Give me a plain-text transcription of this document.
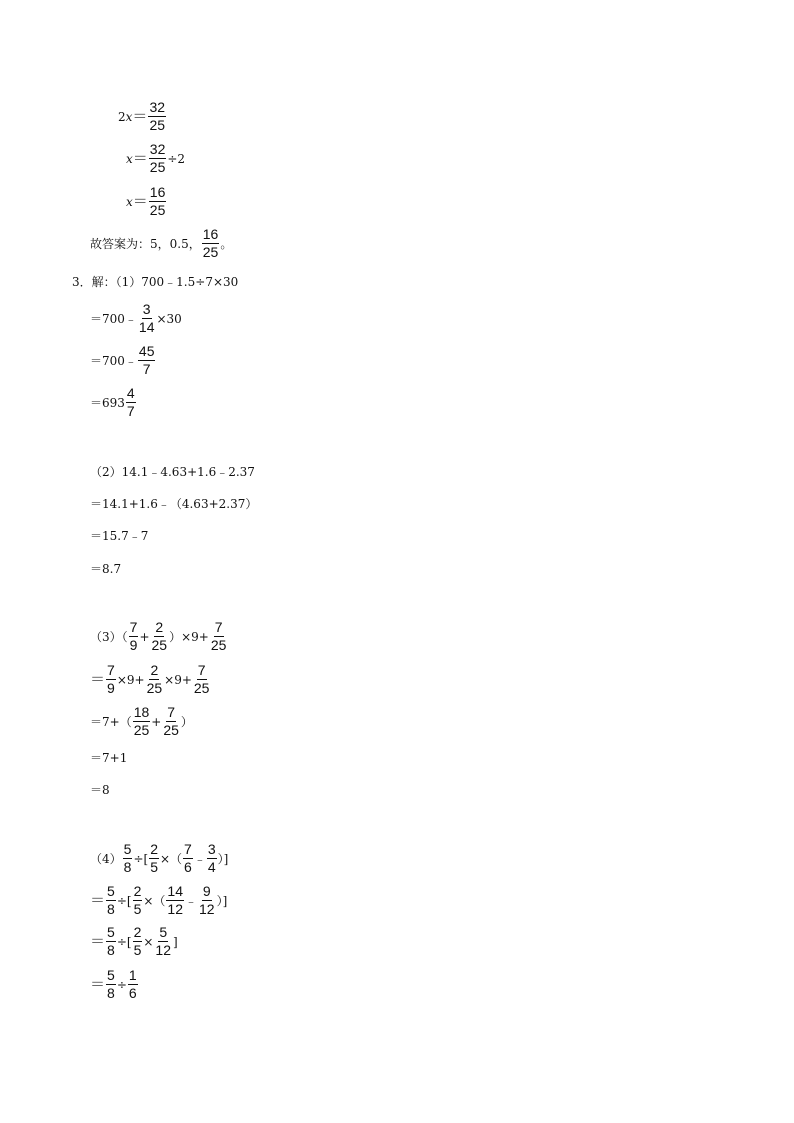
2 $x = \frac{32}{25}$
$x = \frac{32}{25} \div 2$
$x = \frac{16}{25}$
故答案为：5，0.5， $\frac{16}{25}$ 。
3．解：（1）700﹣1.5÷7×30
＝700﹣ $\frac{3}{14} \times 30$
＝700﹣ $\frac{45}{7}$
$=693 \frac{4}{7}$
（2）14.1﹣4.63+1.6﹣2.37
＝14.1+1.6﹣（4.63+2.37）
＝15.7﹣7
＝8.7
$(3)( \frac{7}{9} + \frac{2}{25} )\times 9+ \frac{7}{25}$
＝ $\frac{7}{9} \times 9+ \frac{2}{25} \times 9+ \frac{7}{25}$
$=7+( \frac{18}{25} + \frac{7}{25}$ ）
＝7+1
＝8
$(4) \frac{5}{8}$ ÷[ $\frac{2}{5}$ ×（ $\frac{7}{6}$ ﹣ $\frac{3}{4}$ ）]
＝ $\frac{5}{8}$ ÷[ $\frac{2}{5}$ ×（ $\frac{14}{12}$ ﹣ $\frac{9}{12}$ ）]
＝ $\frac{5}{8}$ ÷[ $\frac{2}{5} \times \frac{5}{12}$ ]
＝ $\frac{5}{8} \div \frac{1}{6}$
